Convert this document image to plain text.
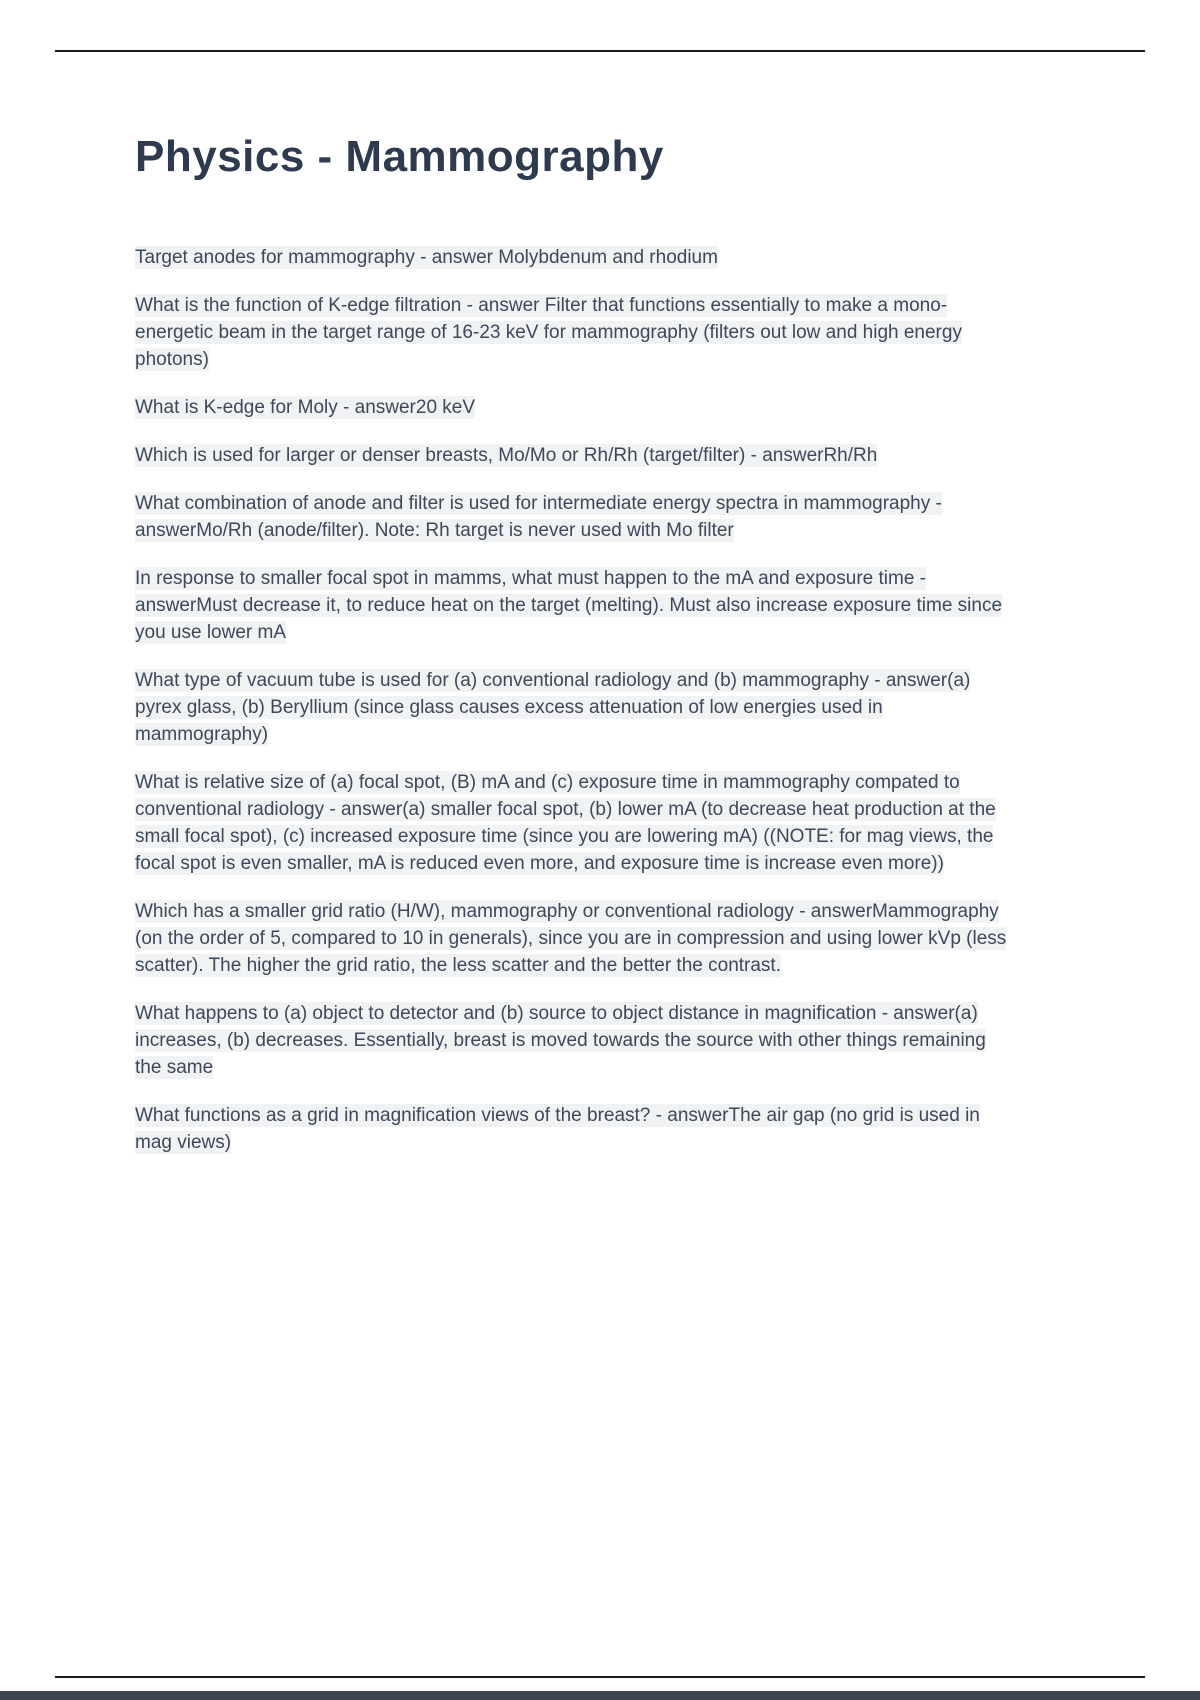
Physics - Mammography

Target anodes for mammography - answer Molybdenum and rhodium

What is the function of K-edge filtration - answer Filter that functions essentially to make a mono-energetic beam in the target range of 16-23 keV for mammography (filters out low and high energy photons)

What is K-edge for Moly - answer20 keV

Which is used for larger or denser breasts, Mo/Mo or Rh/Rh (target/filter) - answerRh/Rh

What combination of anode and filter is used for intermediate energy spectra in mammography - answerMo/Rh (anode/filter). Note: Rh target is never used with Mo filter

In response to smaller focal spot in mamms, what must happen to the mA and exposure time - answerMust decrease it, to reduce heat on the target (melting). Must also increase exposure time since you use lower mA

What type of vacuum tube is used for (a) conventional radiology and (b) mammography - answer(a) pyrex glass, (b) Beryllium (since glass causes excess attenuation of low energies used in mammography)

What is relative size of (a) focal spot, (B) mA and (c) exposure time in mammography compated to conventional radiology - answer(a) smaller focal spot, (b) lower mA (to decrease heat production at the small focal spot), (c) increased exposure time (since you are lowering mA) ((NOTE: for mag views, the focal spot is even smaller, mA is reduced even more, and exposure time is increase even more))

Which has a smaller grid ratio (H/W), mammography or conventional radiology - answerMammography (on the order of 5, compared to 10 in generals), since you are in compression and using lower kVp (less scatter). The higher the grid ratio, the less scatter and the better the contrast.

What happens to (a) object to detector and (b) source to object distance in magnification - answer(a) increases, (b) decreases. Essentially, breast is moved towards the source with other things remaining the same

What functions as a grid in magnification views of the breast? - answerThe air gap (no grid is used in mag views)
